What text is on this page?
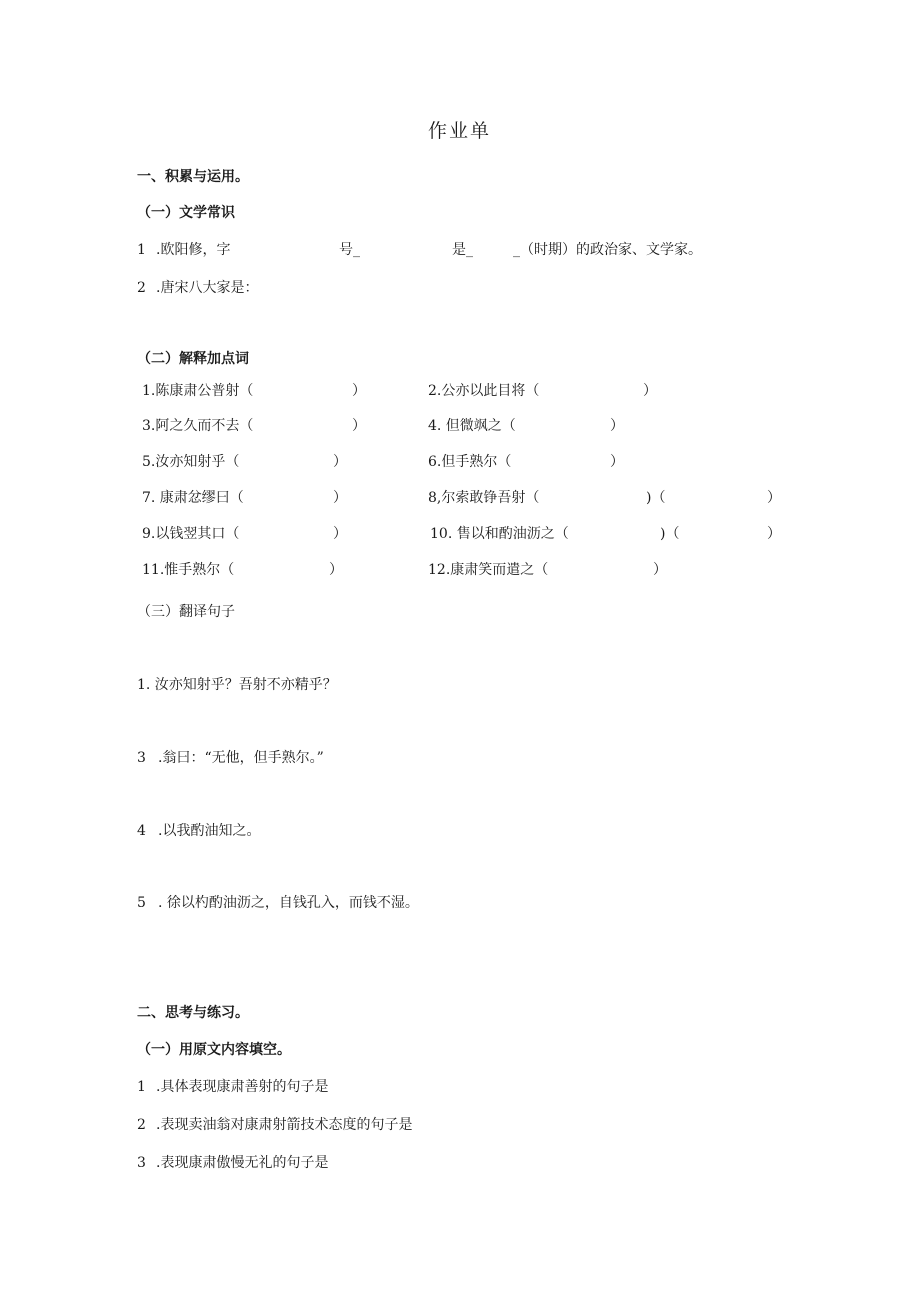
作业单
一、积累与运用。
（一）文学常识
1 .欧阳修，字	号_	是_	_（时期）的政治家、文学家。
2 .唐宋八大家是：
（二）解释加点词
1.陈康肃公普射（	）	2.公亦以此目将（	）
3.阿之久而不去（	）	4. 但微飒之（	）
5.汝亦知射乎（	）	6.但手熟尔（	）
7. 康肃忿缪曰（	）	8,尔索敢铮吾射（	)（	）
9.以钱翌其口（	）	10. 售以和酌油沥之（	)（	）
11.惟手熟尔（	）	12.康肃笑而遣之（	）
（三）翻译句子
1. 汝亦知射乎？吾射不亦精乎？
3 .翁曰：“无他，但手熟尔。”
4 .以我酌油知之。
5 . 徐以杓酌油沥之，自钱孔入，而钱不湿。
二、思考与练习。
（一）用原文内容填空。
1 .具体表现康肃善射的句子是
2 .表现卖油翁对康肃射箭技术态度的句子是
3 .表现康肃傲慢无礼的句子是
